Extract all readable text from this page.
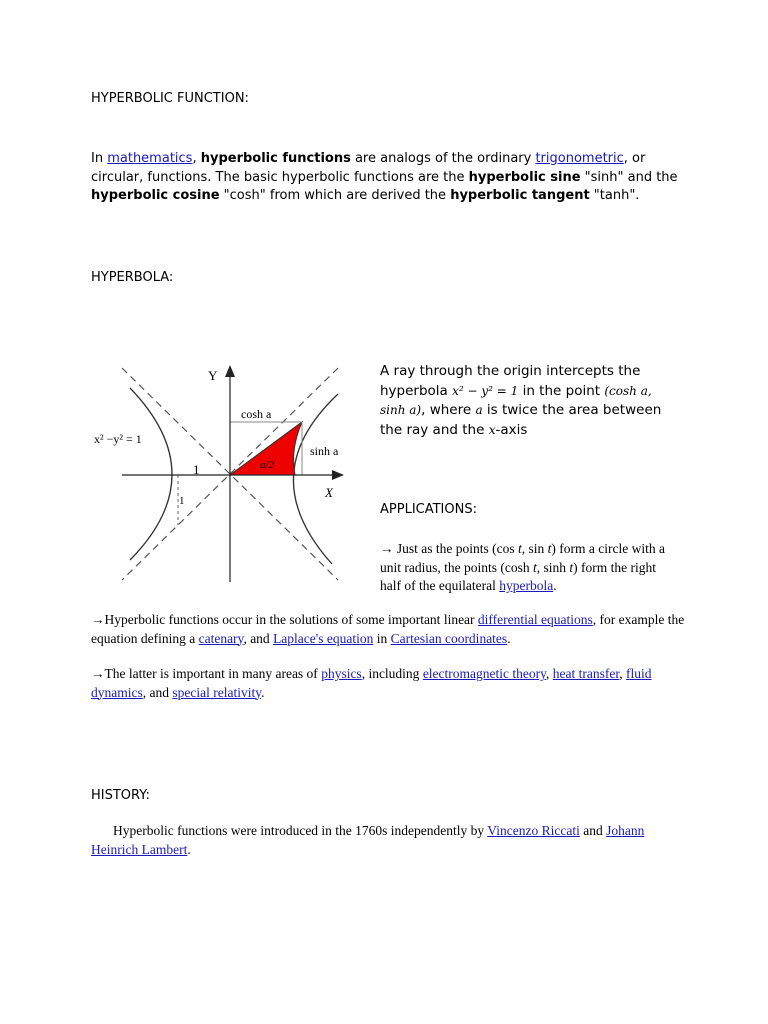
HYPERBOLIC FUNCTION:
In mathematics, hyperbolic functions are analogs of the ordinary trigonometric, or circular, functions. The basic hyperbolic functions are the hyperbolic sine "sinh" and the hyperbolic cosine "cosh" from which are derived the hyperbolic tangent "tanh".
HYPERBOLA:
Y
X
cosh a
sinh a
x² −y² = 1
1
1
a/2
A ray through the origin intercepts the hyperbola x² − y² = 1 in the point (cosh a, sinh a), where a is twice the area between the ray and the x-axis
APPLICATIONS:
→ Just as the points (cos t, sin t) form a circle with a unit radius, the points (cosh t, sinh t) form the right half of the equilateral hyperbola.
→Hyperbolic functions occur in the solutions of some important linear differential equations, for example the equation defining a catenary, and Laplace's equation in Cartesian coordinates.
→The latter is important in many areas of physics, including electromagnetic theory, heat transfer, fluid dynamics, and special relativity.
HISTORY:
Hyperbolic functions were introduced in the 1760s independently by Vincenzo Riccati and Johann Heinrich Lambert.
